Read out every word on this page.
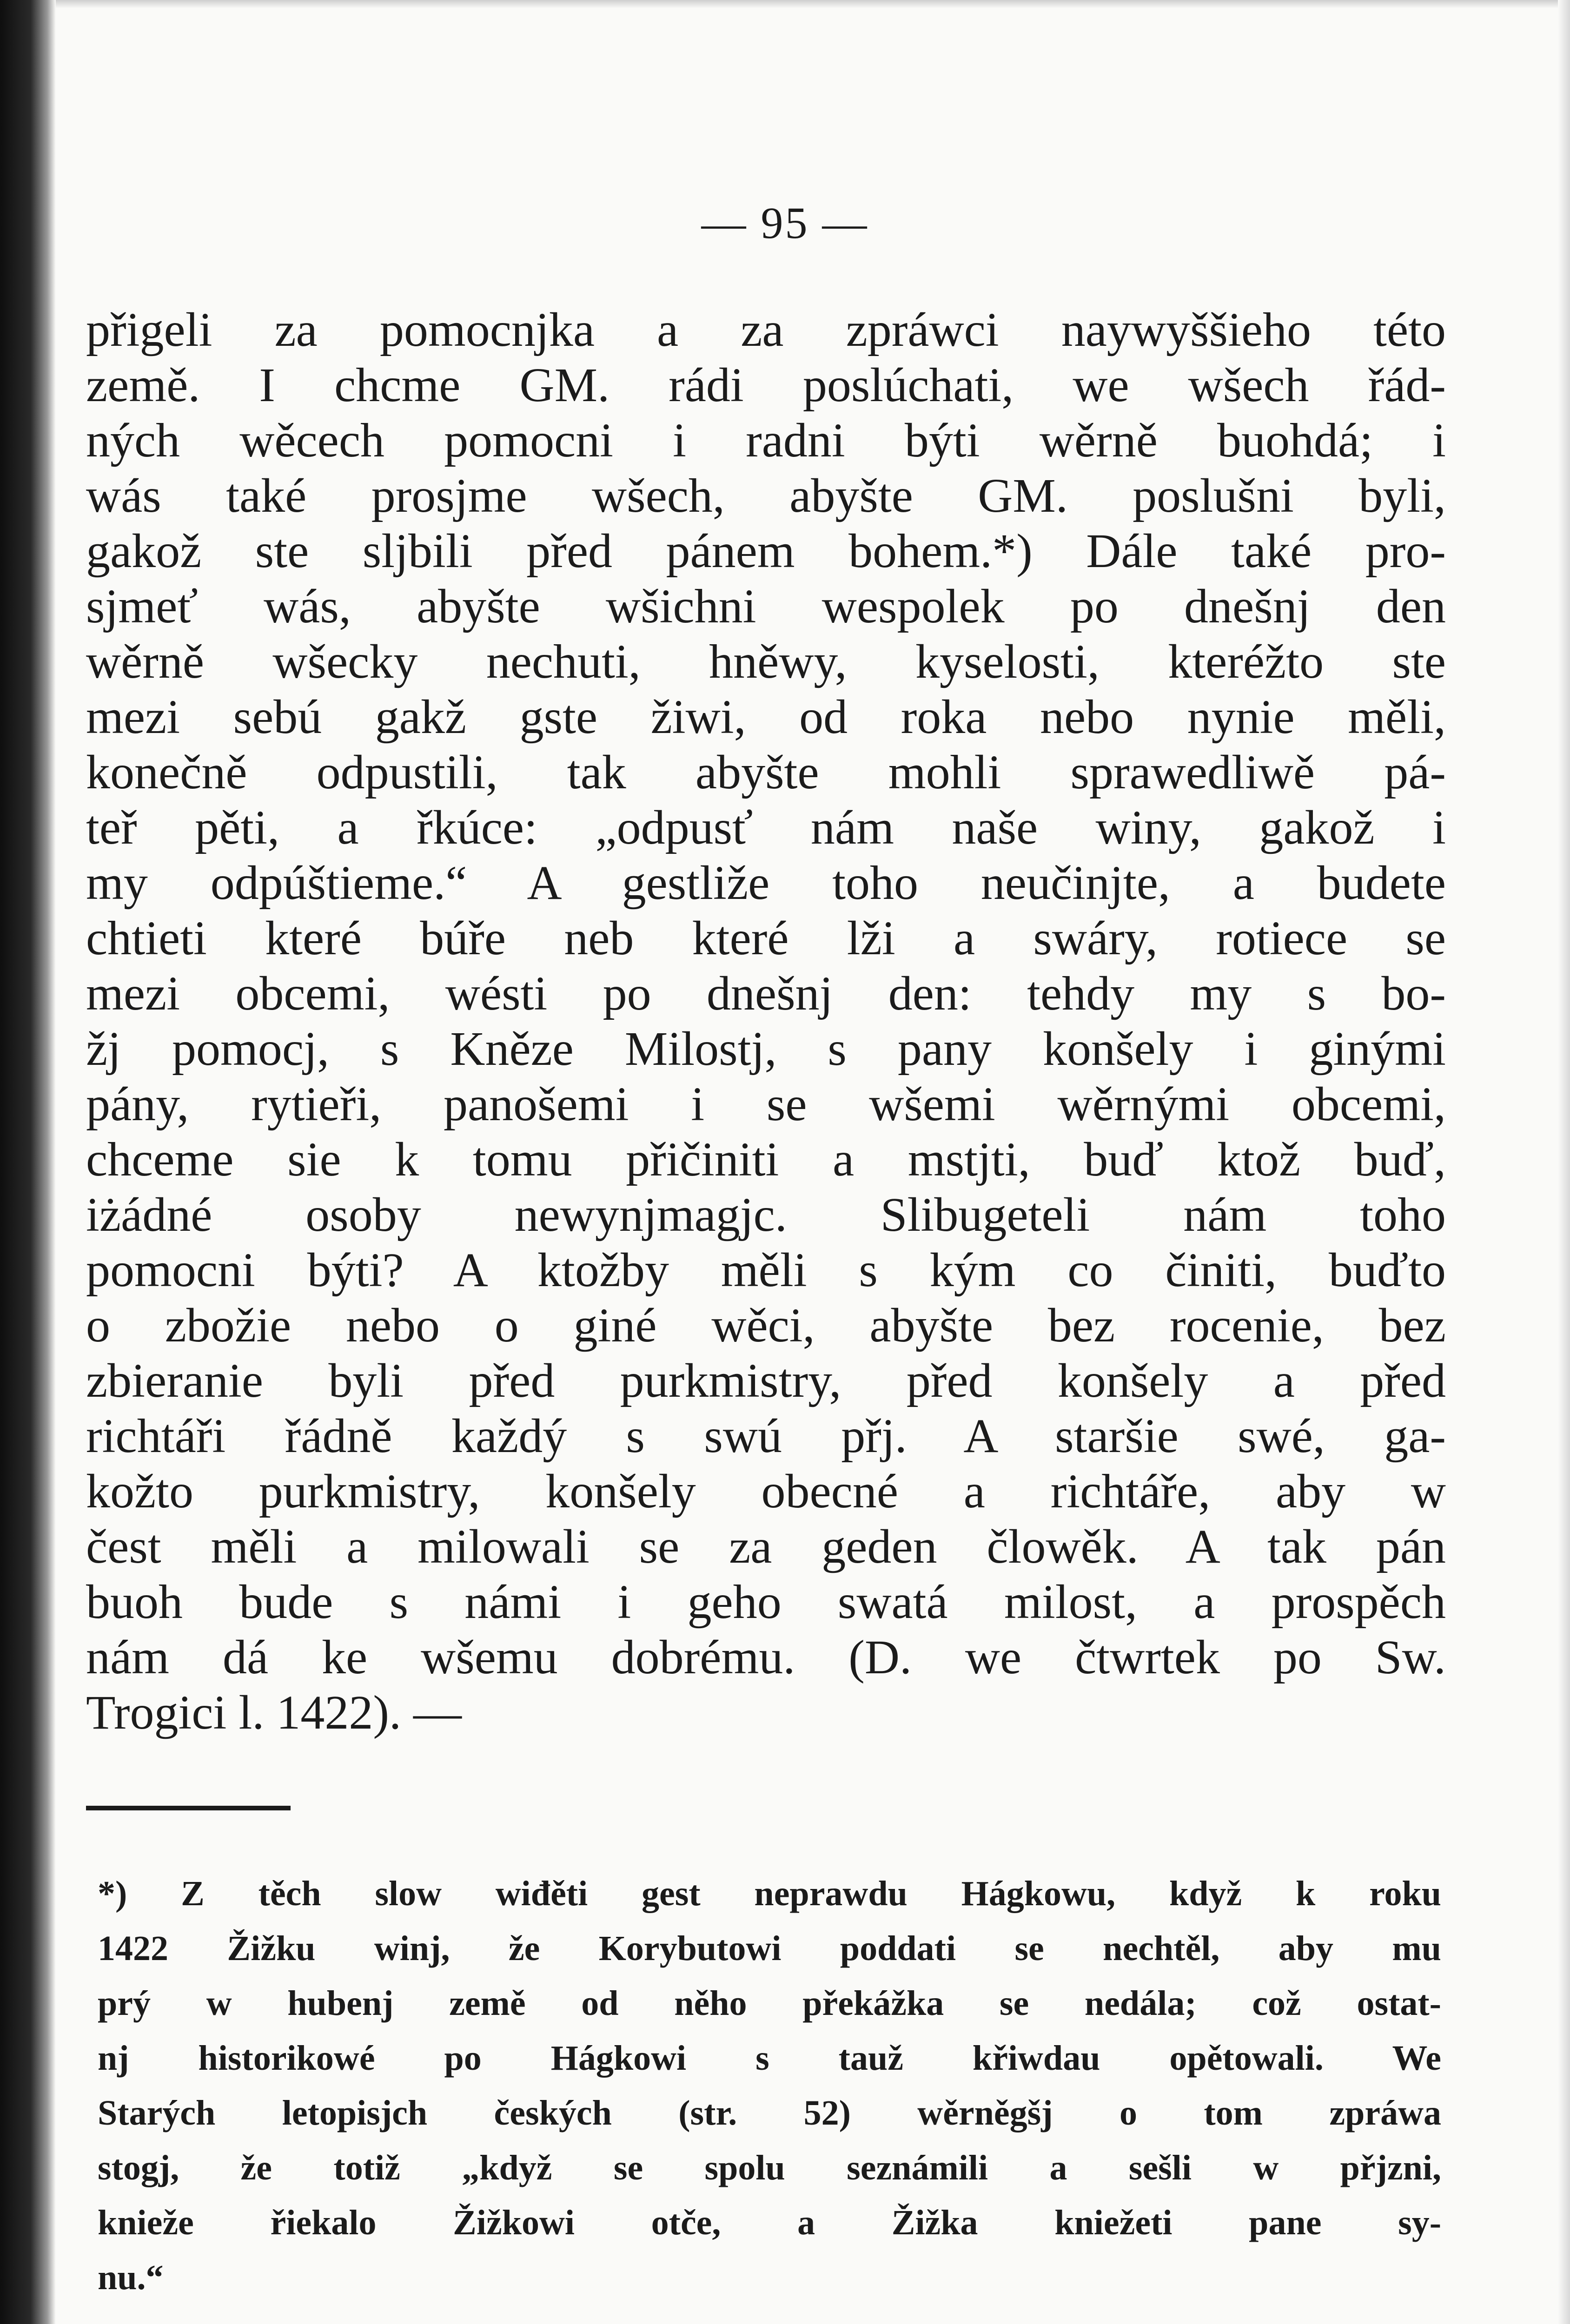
— 95 —
přigeli za pomocnjka a za zpráwci naywyššieho této
země. I chcme GM. rádi poslúchati, we wšech řád-
ných wěcech pomocni i radni býti wěrně buohdá; i
wás také prosjme wšech, abyšte GM. poslušni byli,
gakož ste sljbili před pánem bohem.*) Dále také pro-
sjmeť wás, abyšte wšichni wespolek po dnešnj den
wěrně wšecky nechuti, hněwy, kyselosti, kteréžto ste
mezi sebú gakž gste žiwi, od roka nebo nynie měli,
konečně odpustili, tak abyšte mohli sprawedliwě pá-
teř pěti, a řkúce: „odpusť nám naše winy, gakož i
my odpúštieme.“ A gestliže toho neučinjte, a budete
chtieti které búře neb které lži a swáry, rotiece se
mezi obcemi, wésti po dnešnj den: tehdy my s bo-
žj pomocj, s Kněze Milostj, s pany konšely i ginými
pány, rytieři, panošemi i se wšemi wěrnými obcemi,
chceme sie k tomu přičiniti a mstjti, buď ktož buď,
iżádné osoby newynjmagjc. Slibugeteli nám toho
pomocni býti? A ktožby měli s kým co činiti, buďto
o zbožie nebo o giné wěci, abyšte bez rocenie, bez
zbieranie byli před purkmistry, před konšely a před
richtáři řádně každý s swú přj. A staršie swé, ga-
kožto purkmistry, konšely obecné a richtáře, aby w
čest měli a milowali se za geden člowěk. A tak pán
buoh bude s námi i geho swatá milost, a prospěch
nám dá ke wšemu dobrému. (D. we čtwrtek po Sw.
Trogici l. 1422). —
*) Z těch slow wiđěti gest neprawdu Hágkowu, když k roku
1422 Žižku winj, že Korybutowi poddati se nechtěl, aby mu
prý w hubenj země od něho překážka se nedála; což ostat-
nj historikowé po Hágkowi s tauž křiwdau opětowali. We
Starých letopisjch českých (str. 52) wěrněgšj o tom zpráwa
stogj, že totiž „když se spolu seznámili a sešli w přjzni,
knieže řiekalo Žižkowi otče, a Žižka kniežeti pane sy-
nu.“
